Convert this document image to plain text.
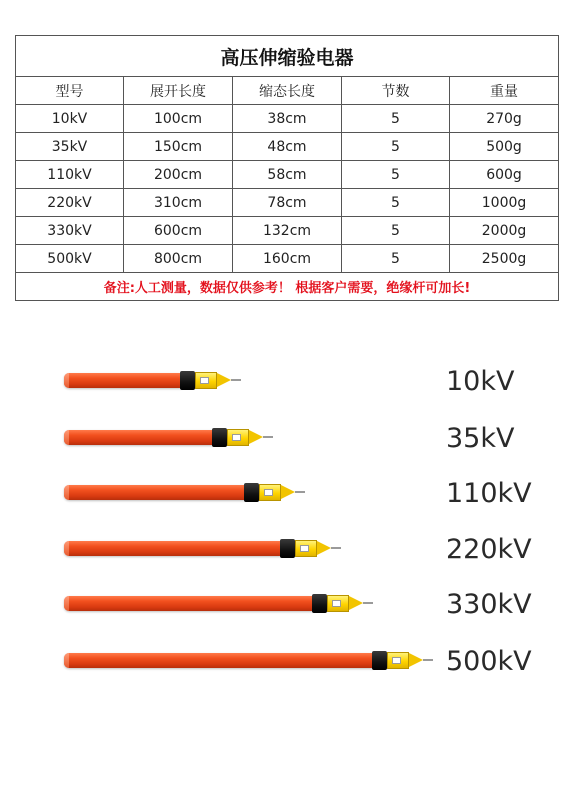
高压伸缩验电器				
型号	展开长度	缩态长度	节数	重量
10kV	100cm	38cm	5	270g
35kV	150cm	48cm	5	500g
110kV	200cm	58cm	5	600g
220kV	310cm	78cm	5	1000g
330kV	600cm	132cm	5	2000g
500kV	800cm	160cm	5	2500g
备注:人工测量，数据仅供参考！ 根据客户需要，绝缘杆可加长!				
10kV
35kV
110kV
220kV
330kV
500kV
